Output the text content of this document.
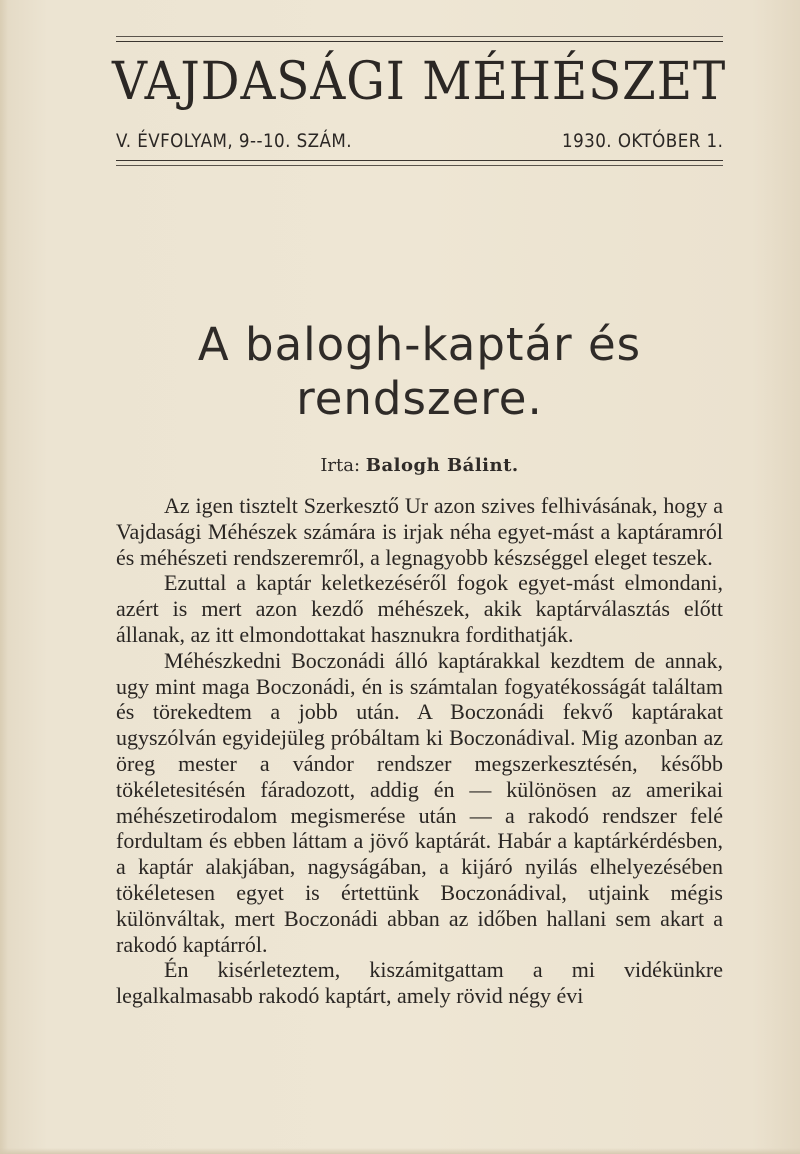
VAJDASÁGI MÉHÉSZET
V. ÉVFOLYAM, 9--10. SZÁM.	1930. OKTÓBER 1.
A balogh-kaptár és rendszere.
Irta: Balogh Bálint.

Az igen tisztelt Szerkesztő Ur azon szives felhivásának, hogy a Vajdasági Méhészek számára is irjak néha egyet-mást a kaptáramról és méhészeti rendszeremről, a legnagyobb készséggel eleget teszek.

Ezuttal a kaptár keletkezéséről fogok egyet-mást elmondani, azért is mert azon kezdő méhészek, akik kaptárválasztás előtt állanak, az itt elmondottakat hasznukra fordithatják.

Méhészkedni Boczonádi álló kaptárakkal kezdtem de annak, ugy mint maga Boczonádi, én is számtalan fogyatékosságát találtam és törekedtem a jobb után. A Boczonádi fekvő kaptárakat ugyszólván egyidejüleg próbáltam ki Boczonádival. Mig azonban az öreg mester a vándor rendszer megszerkesztésén, később tökéletesitésén fáradozott, addig én — különösen az amerikai méhészetirodalom megismerése után — a rakodó rendszer felé fordultam és ebben láttam a jövő kaptárát. Habár a kaptárkérdésben, a kaptár alakjában, nagyságában, a kijáró nyilás elhelyezésében tökéletesen egyet is értettünk Boczonádival, utjaink mégis különváltak, mert Boczonádi abban az időben hallani sem akart a rakodó kaptárról.

Én kisérleteztem, kiszámitgattam a mi vidékünkre legalkalmasabb rakodó kaptárt, amely rövid négy évi
